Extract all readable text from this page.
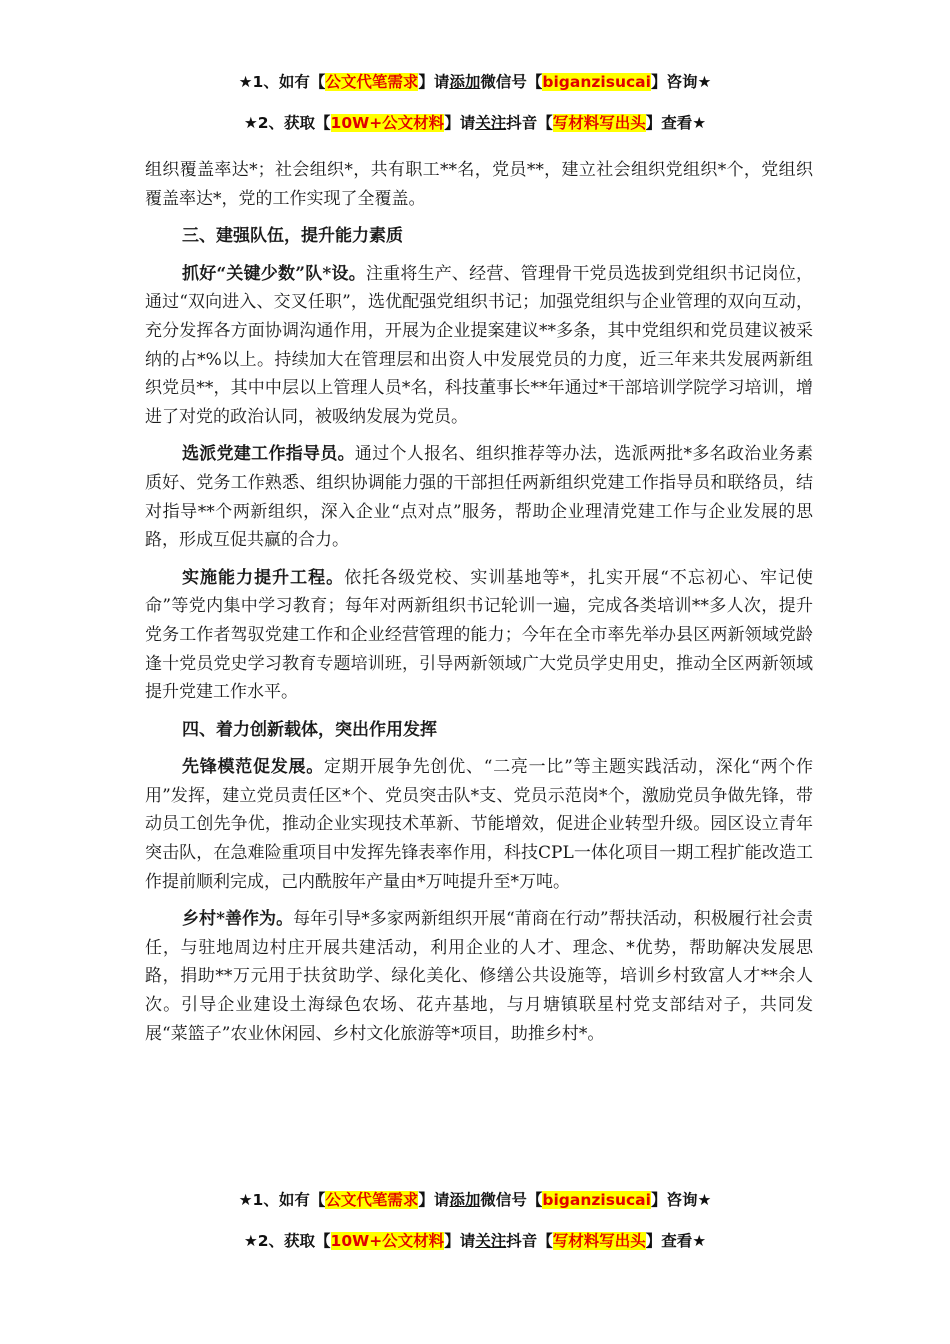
★1、如有【公文代笔需求】请添加微信号【biganzisucai】咨询★
★2、获取【10W+公文材料】请关注抖音【写材料写出头】查看★

组织覆盖率达*；社会组织*，共有职工**名，党员**，建立社会组织党组织*个，党组织覆盖率达*，党的工作实现了全覆盖。

三、建强队伍，提升能力素质

抓好“关键少数”队*设。注重将生产、经营、管理骨干党员选拔到党组织书记岗位，通过“双向进入、交叉任职”，选优配强党组织书记；加强党组织与企业管理的双向互动，充分发挥各方面协调沟通作用，开展为企业提案建议**多条，其中党组织和党员建议被采纳的占*%以上。持续加大在管理层和出资人中发展党员的力度，近三年来共发展两新组织党员**，其中中层以上管理人员*名，科技董事长**年通过*干部培训学院学习培训，增进了对党的政治认同，被吸纳发展为党员。

选派党建工作指导员。通过个人报名、组织推荐等办法，选派两批*多名政治业务素质好、党务工作熟悉、组织协调能力强的干部担任两新组织党建工作指导员和联络员，结对指导**个两新组织，深入企业“点对点”服务，帮助企业理清党建工作与企业发展的思路，形成互促共赢的合力。

实施能力提升工程。依托各级党校、实训基地等*，扎实开展“不忘初心、牢记使命”等党内集中学习教育；每年对两新组织书记轮训一遍，完成各类培训**多人次，提升党务工作者驾驭党建工作和企业经营管理的能力；今年在全市率先举办县区两新领域党龄逢十党员党史学习教育专题培训班，引导两新领域广大党员学史用史，推动全区两新领域提升党建工作水平。

四、着力创新载体，突出作用发挥

先锋模范促发展。定期开展争先创优、“二亮一比”等主题实践活动，深化“两个作用”发挥，建立党员责任区*个、党员突击队*支、党员示范岗*个，激励党员争做先锋，带动员工创先争优，推动企业实现技术革新、节能增效，促进企业转型升级。园区设立青年突击队，在急难险重项目中发挥先锋表率作用，科技CPL一体化项目一期工程扩能改造工作提前顺利完成，己内酰胺年产量由*万吨提升至*万吨。

乡村*善作为。每年引导*多家两新组织开展“莆商在行动”帮扶活动，积极履行社会责任，与驻地周边村庄开展共建活动，利用企业的人才、理念、*优势，帮助解决发展思路，捐助**万元用于扶贫助学、绿化美化、修缮公共设施等，培训乡村致富人才**余人次。引导企业建设土海绿色农场、花卉基地，与月塘镇联星村党支部结对子，共同发展“菜篮子”农业休闲园、乡村文化旅游等*项目，助推乡村*。

★1、如有【公文代笔需求】请添加微信号【biganzisucai】咨询★
★2、获取【10W+公文材料】请关注抖音【写材料写出头】查看★
